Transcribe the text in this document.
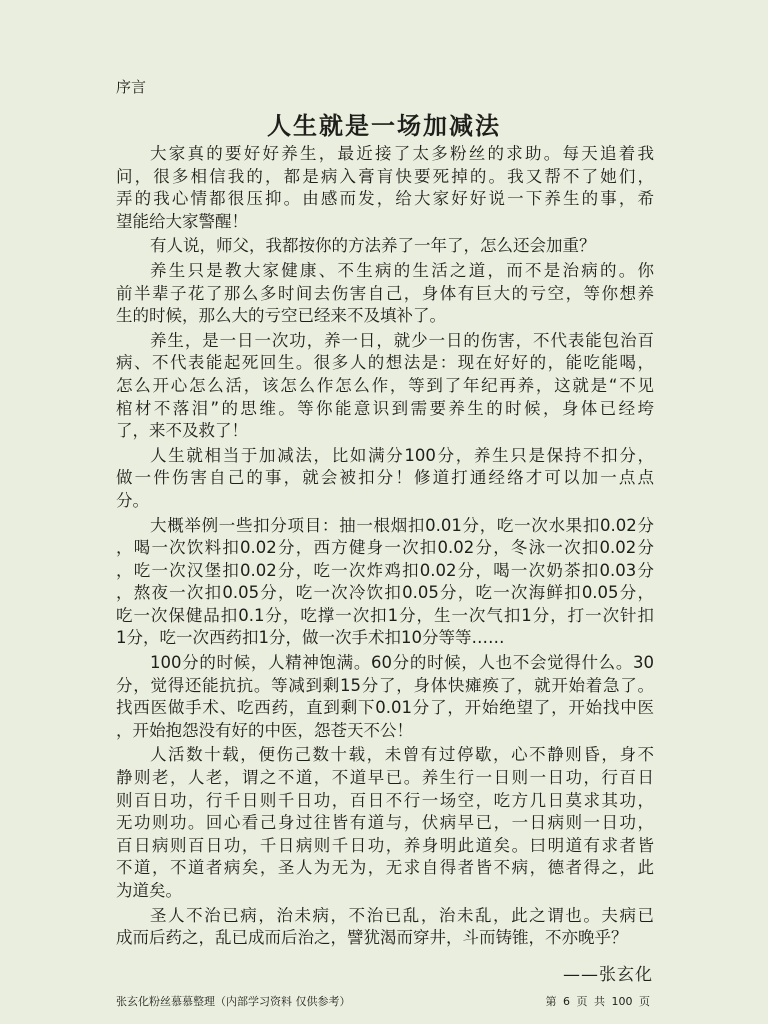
序言
人生就是一场加减法
大家真的要好好养生，最近接了太多粉丝的求助。每天追着我
问，很多相信我的，都是病入膏肓快要死掉的。我又帮不了她们，
弄的我心情都很压抑。由感而发，给大家好好说一下养生的事，希
望能给大家警醒！
有人说，师父，我都按你的方法养了一年了，怎么还会加重？
养生只是教大家健康、不生病的生活之道，而不是治病的。你
前半辈子花了那么多时间去伤害自己，身体有巨大的亏空，等你想养
生的时候，那么大的亏空已经来不及填补了。
养生，是一日一次功，养一日，就少一日的伤害，不代表能包治百
病、不代表能起死回生。很多人的想法是：现在好好的，能吃能喝，
怎么开心怎么活，该怎么作怎么作，等到了年纪再养，这就是“不见
棺材不落泪”的思维。等你能意识到需要养生的时候，身体已经垮
了，来不及救了！
人生就相当于加减法，比如满分100分，养生只是保持不扣分，
做一件伤害自己的事，就会被扣分！修道打通经络才可以加一点点
分。
大概举例一些扣分项目：抽一根烟扣0.01分，吃一次水果扣0.02分
，喝一次饮料扣0.02分，西方健身一次扣0.02分，冬泳一次扣0.02分
，吃一次汉堡扣0.02分，吃一次炸鸡扣0.02分，喝一次奶茶扣0.03分
，熬夜一次扣0.05分，吃一次冷饮扣0.05分，吃一次海鲜扣0.05分，
吃一次保健品扣0.1分，吃撑一次扣1分，生一次气扣1分，打一次针扣
1分，吃一次西药扣1分，做一次手术扣10分等等……
100分的时候，人精神饱满。60分的时候，人也不会觉得什么。30
分，觉得还能抗抗。等减到剩15分了，身体快瘫痪了，就开始着急了。
找西医做手术、吃西药，直到剩下0.01分了，开始绝望了，开始找中医
，开始抱怨没有好的中医，怨苍天不公！
人活数十载，便伤己数十载，未曾有过停歇，心不静则昏，身不
静则老，人老，谓之不道，不道早已。养生行一日则一日功，行百日
则百日功，行千日则千日功，百日不行一场空，吃方几日莫求其功，
无功则功。回心看己身过往皆有道与，伏病早已，一日病则一日功，
百日病则百日功，千日病则千日功，养身明此道矣。曰明道有求者皆
不道，不道者病矣，圣人为无为，无求自得者皆不病，德者得之，此
为道矣。
圣人不治已病，治未病，不治已乱，治未乱，此之谓也。夫病已
成而后药之，乱已成而后治之，譬犹渴而穿井，斗而铸锥，不亦晚乎？
——张玄化
张玄化粉丝慕慕整理（内部学习资料 仅供参考）	第 6 页 共 100 页
